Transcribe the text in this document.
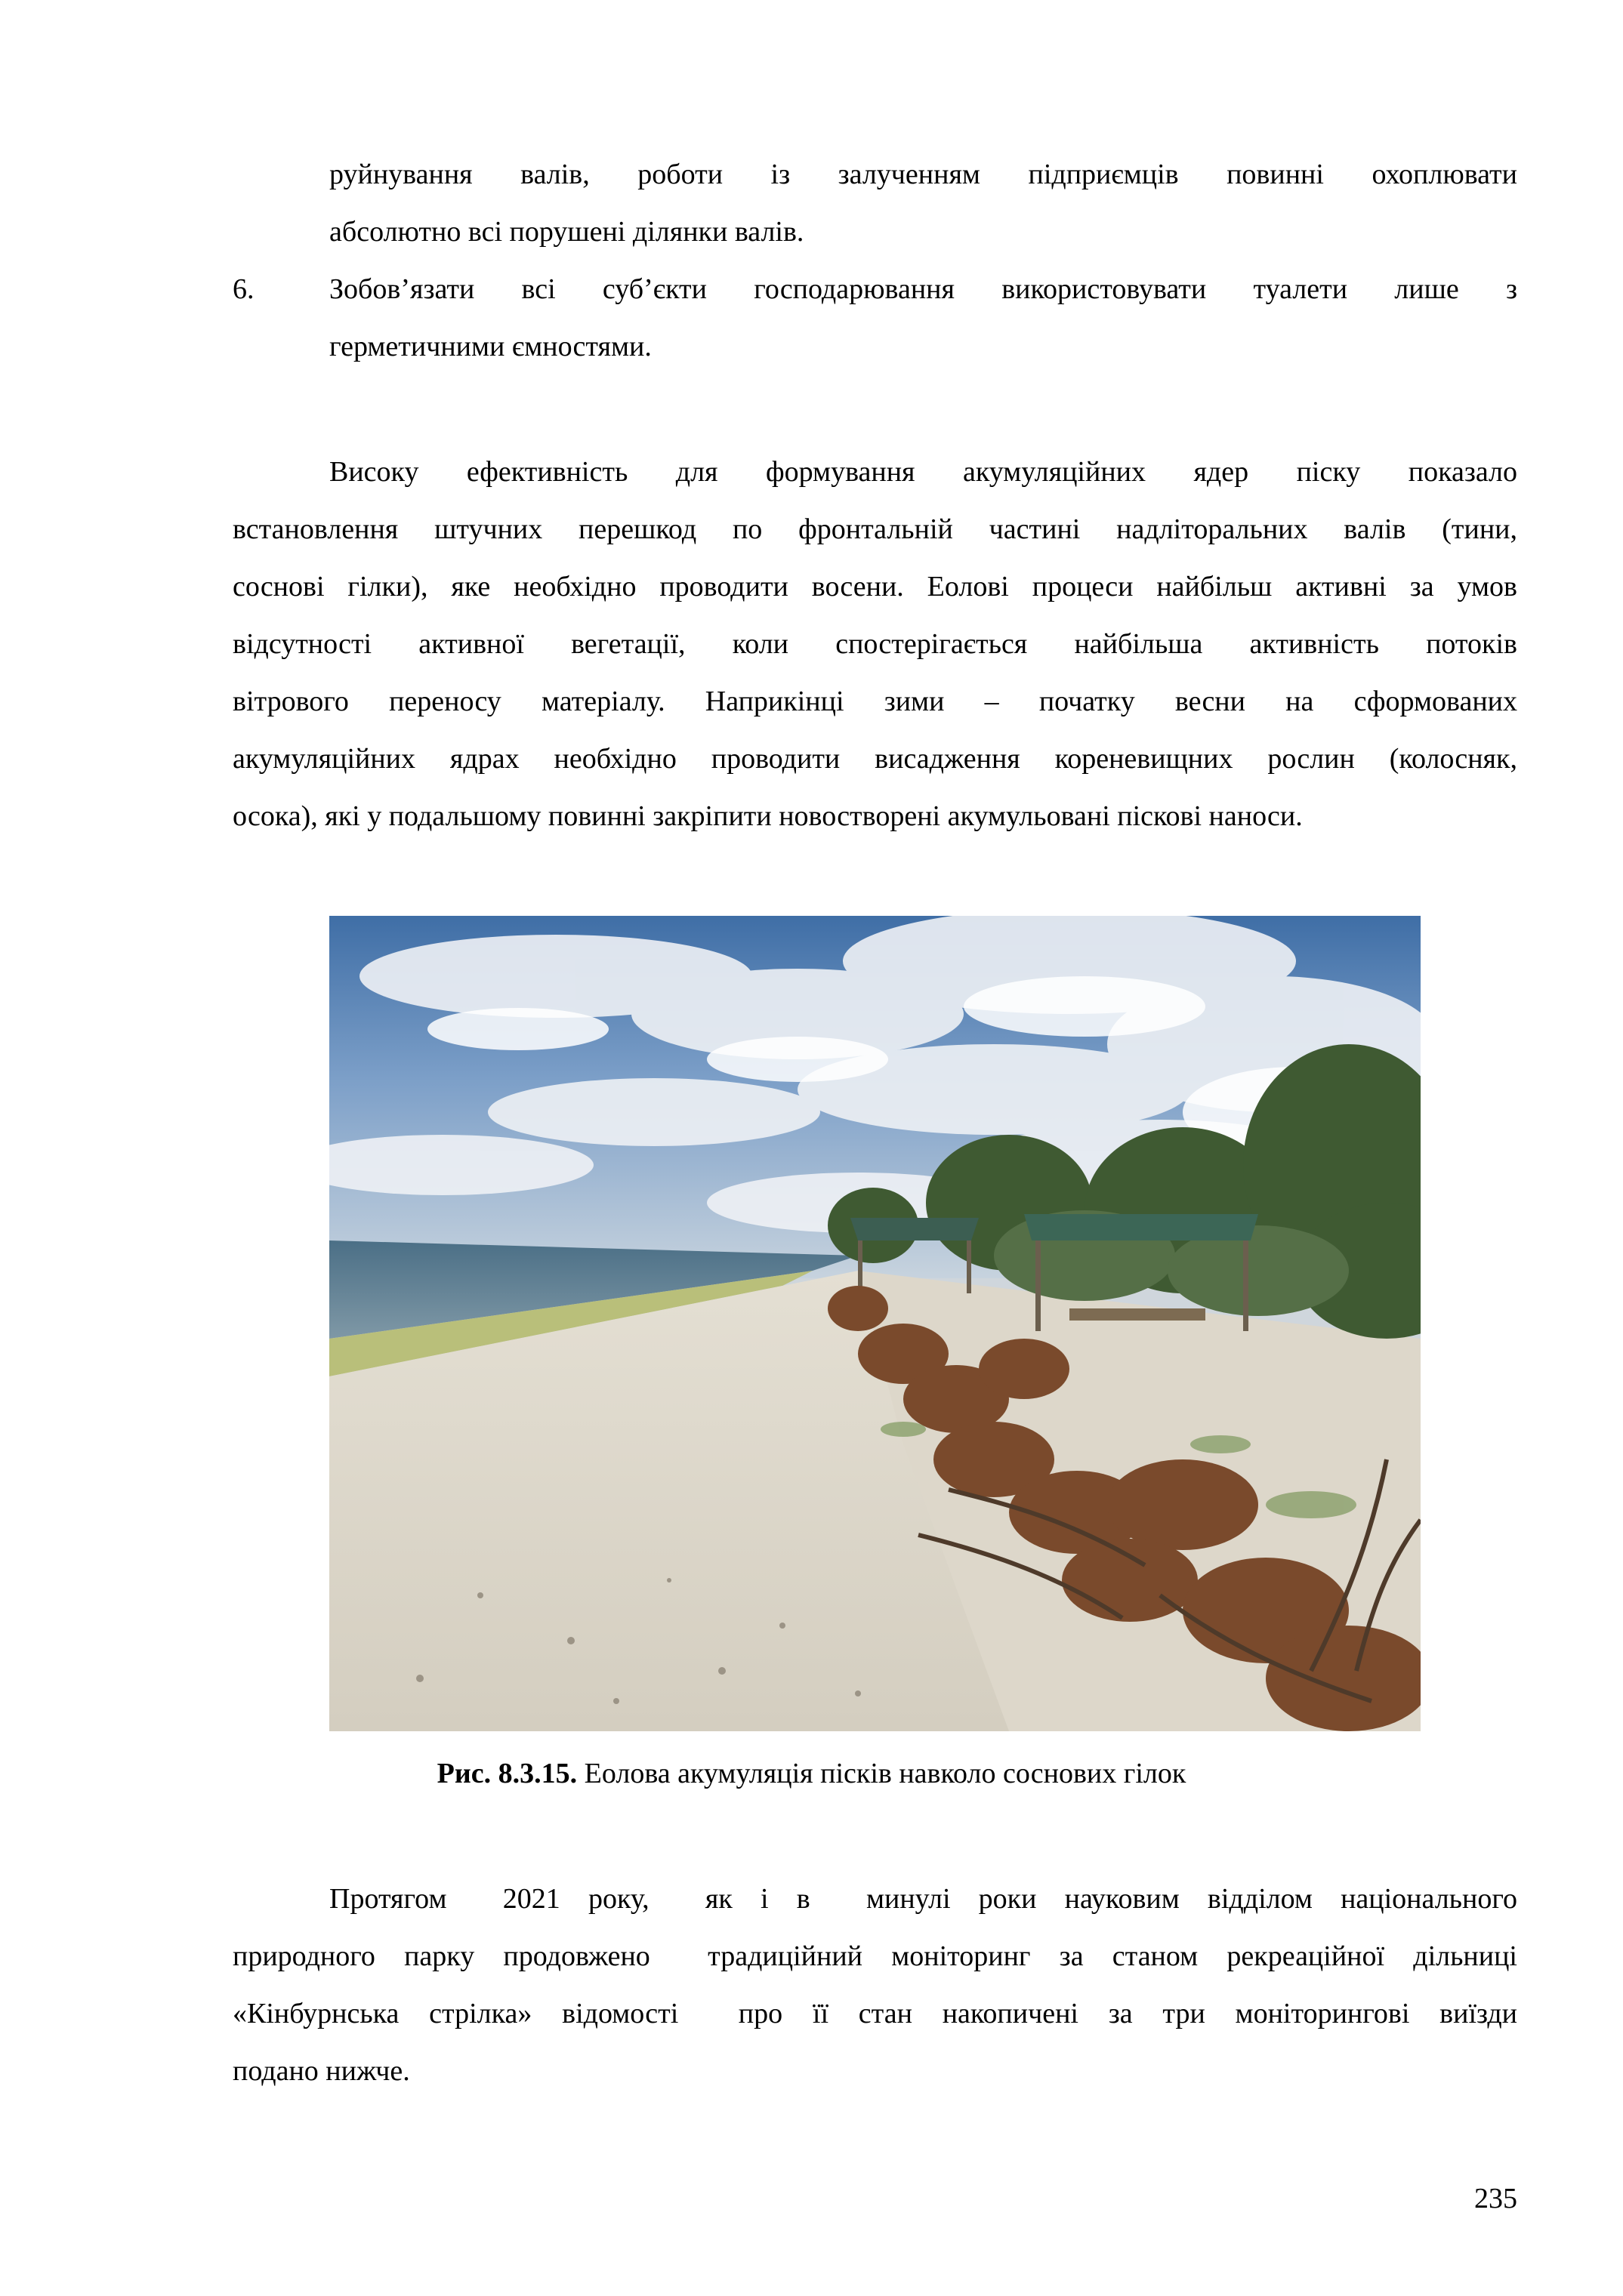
руйнування валів, роботи із залученням підприємців повинні охоплювати
абсолютно всі порушені ділянки валів.
6.	Зобов’язати всі суб’єкти господарювання використовувати туалети лише з
герметичними ємностями.
Високу ефективність для формування акумуляційних ядер піску показало
встановлення штучних перешкод по фронтальній частині надліторальних валів (тини,
соснові гілки), яке необхідно проводити восени. Еолові процеси найбільш активні за умов
відсутності активної вегетації, коли спостерігається найбільша активність потоків
вітрового переносу матеріалу. Наприкінці зими – початку весни на сформованих
акумуляційних ядрах необхідно проводити висадження кореневищних рослин (колосняк,
осока), які у подальшому повинні закріпити новостворені акумульовані піскові наноси.
Рис. 8.3.15. Еолова акумуляція пісків навколо соснових гілок
Протягом  2021 року,  як і в  минулі роки науковим відділом національного
природного парку продовжено  традиційний моніторинг за станом рекреаційної дільниці
«Кінбурнська стрілка» відомості  про її стан накопичені за три моніторингові виїзди
подано нижче.
235
